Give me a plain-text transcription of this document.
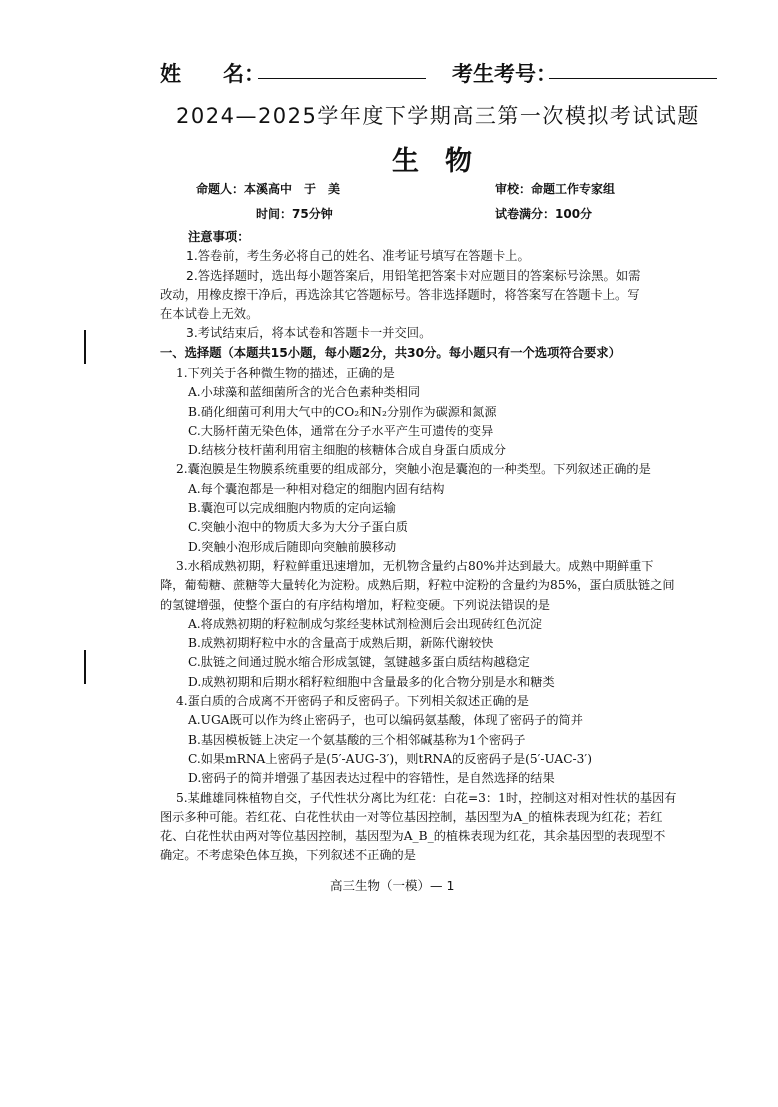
姓　　名：	考生考号：
2024—2025学年度下学期高三第一次模拟考试试题
生物
命题人：本溪高中　于　美	审校：命题工作专家组
时间：75分钟	试卷满分：100分
注意事项：
1.答卷前，考生务必将自己的姓名、准考证号填写在答题卡上。
2.答选择题时，选出每小题答案后，用铅笔把答案卡对应题目的答案标号涂黑。如需
改动，用橡皮擦干净后，再选涂其它答题标号。答非选择题时，将答案写在答题卡上。写
在本试卷上无效。
3.考试结束后，将本试卷和答题卡一并交回。
一、选择题（本题共15小题，每小题2分，共30分。每小题只有一个选项符合要求）
1.下列关于各种微生物的描述，正确的是
A.小球藻和蓝细菌所含的光合色素种类相同
B.硝化细菌可利用大气中的CO₂和N₂分别作为碳源和氮源
C.大肠杆菌无染色体，通常在分子水平产生可遗传的变异
D.结核分枝杆菌利用宿主细胞的核糖体合成自身蛋白质成分
2.囊泡膜是生物膜系统重要的组成部分，突触小泡是囊泡的一种类型。下列叙述正确的是
A.每个囊泡都是一种相对稳定的细胞内固有结构
B.囊泡可以完成细胞内物质的定向运输
C.突触小泡中的物质大多为大分子蛋白质
D.突触小泡形成后随即向突触前膜移动
3.水稻成熟初期，籽粒鲜重迅速增加，无机物含量约占80%并达到最大。成熟中期鲜重下
降，葡萄糖、蔗糖等大量转化为淀粉。成熟后期，籽粒中淀粉的含量约为85%，蛋白质肽链之间
的氢键增强，使整个蛋白的有序结构增加，籽粒变硬。下列说法错误的是
A.将成熟初期的籽粒制成匀浆经斐林试剂检测后会出现砖红色沉淀
B.成熟初期籽粒中水的含量高于成熟后期，新陈代谢较快
C.肽链之间通过脱水缩合形成氢键，氢键越多蛋白质结构越稳定
D.成熟初期和后期水稻籽粒细胞中含量最多的化合物分别是水和糖类
4.蛋白质的合成离不开密码子和反密码子。下列相关叙述正确的是
A.UGA既可以作为终止密码子，也可以编码氨基酸，体现了密码子的简并
B.基因模板链上决定一个氨基酸的三个相邻碱基称为1个密码子
C.如果mRNA上密码子是(5′-AUG-3′)，则tRNA的反密码子是(5′-UAC-3′)
D.密码子的简并增强了基因表达过程中的容错性，是自然选择的结果
5.某雌雄同株植物自交，子代性状分离比为红花：白花=3：1时，控制这对相对性状的基因有
图示多种可能。若红花、白花性状由一对等位基因控制，基因型为A_的植株表现为红花；若红
花、白花性状由两对等位基因控制，基因型为A_B_的植株表现为红花，其余基因型的表现型不
确定。不考虑染色体互换，下列叙述不正确的是
高三生物（一模）— 1
